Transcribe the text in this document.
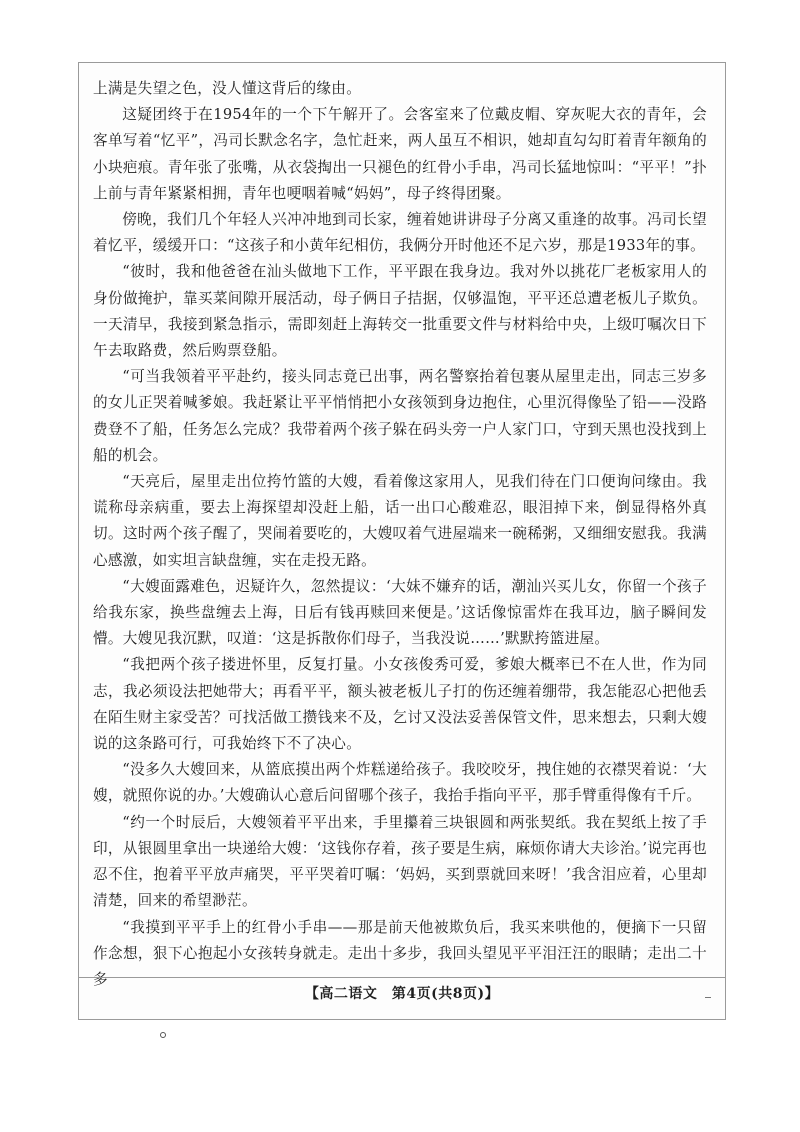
上满是失望之色，没人懂这背后的缘由。

这疑团终于在1954年的一个下午解开了。会客室来了位戴皮帽、穿灰呢大衣的青年，会客单写着“忆平”，冯司长默念名字，急忙赶来，两人虽互不相识，她却直勾勾盯着青年额角的小块疤痕。青年张了张嘴，从衣袋掏出一只褪色的红骨小手串，冯司长猛地惊叫：“平平！”扑上前与青年紧紧相拥，青年也哽咽着喊“妈妈”，母子终得团聚。

傍晚，我们几个年轻人兴冲冲地到司长家，缠着她讲讲母子分离又重逢的故事。冯司长望着忆平，缓缓开口：“这孩子和小黄年纪相仿，我俩分开时他还不足六岁，那是1933年的事。

“彼时，我和他爸爸在汕头做地下工作，平平跟在我身边。我对外以挑花厂老板家用人的身份做掩护，靠买菜间隙开展活动，母子俩日子拮据，仅够温饱，平平还总遭老板儿子欺负。一天清早，我接到紧急指示，需即刻赶上海转交一批重要文件与材料给中央，上级叮嘱次日下午去取路费，然后购票登船。

“可当我领着平平赴约，接头同志竟已出事，两名警察抬着包裹从屋里走出，同志三岁多的女儿正哭着喊爹娘。我赶紧让平平悄悄把小女孩领到身边抱住，心里沉得像坠了铅——没路费登不了船，任务怎么完成？我带着两个孩子躲在码头旁一户人家门口，守到天黑也没找到上船的机会。

“天亮后，屋里走出位挎竹篮的大嫂，看着像这家用人，见我们待在门口便询问缘由。我谎称母亲病重，要去上海探望却没赶上船，话一出口心酸难忍，眼泪掉下来，倒显得格外真切。这时两个孩子醒了，哭闹着要吃的，大嫂叹着气进屋端来一碗稀粥，又细细安慰我。我满心感激，如实坦言缺盘缠，实在走投无路。

“大嫂面露难色，迟疑许久，忽然提议：‘大妹不嫌弃的话，潮汕兴买儿女，你留一个孩子给我东家，换些盘缠去上海，日后有钱再赎回来便是。’这话像惊雷炸在我耳边，脑子瞬间发懵。大嫂见我沉默，叹道：‘这是拆散你们母子，当我没说……’默默挎篮进屋。

“我把两个孩子搂进怀里，反复打量。小女孩俊秀可爱，爹娘大概率已不在人世，作为同志，我必须设法把她带大；再看平平，额头被老板儿子打的伤还缠着绷带，我怎能忍心把他丢在陌生财主家受苦？可找活做工攒钱来不及，乞讨又没法妥善保管文件，思来想去，只剩大嫂说的这条路可行，可我始终下不了决心。

“没多久大嫂回来，从篮底摸出两个炸糕递给孩子。我咬咬牙，拽住她的衣襟哭着说：‘大嫂，就照你说的办。’大嫂确认心意后问留哪个孩子，我抬手指向平平，那手臂重得像有千斤。

“约一个时辰后，大嫂领着平平出来，手里攥着三块银圆和两张契纸。我在契纸上按了手印，从银圆里拿出一块递给大嫂：‘这钱你存着，孩子要是生病，麻烦你请大夫诊治。’说完再也忍不住，抱着平平放声痛哭，平平哭着叮嘱：‘妈妈，买到票就回来呀！’我含泪应着，心里却清楚，回来的希望渺茫。

“我摸到平平手上的红骨小手串——那是前天他被欺负后，我买来哄他的，便摘下一只留作念想，狠下心抱起小女孩转身就走。走出十多步，我回头望见平平泪汪汪的眼睛；走出二十多

【高二语文　第4页(共8页)】
